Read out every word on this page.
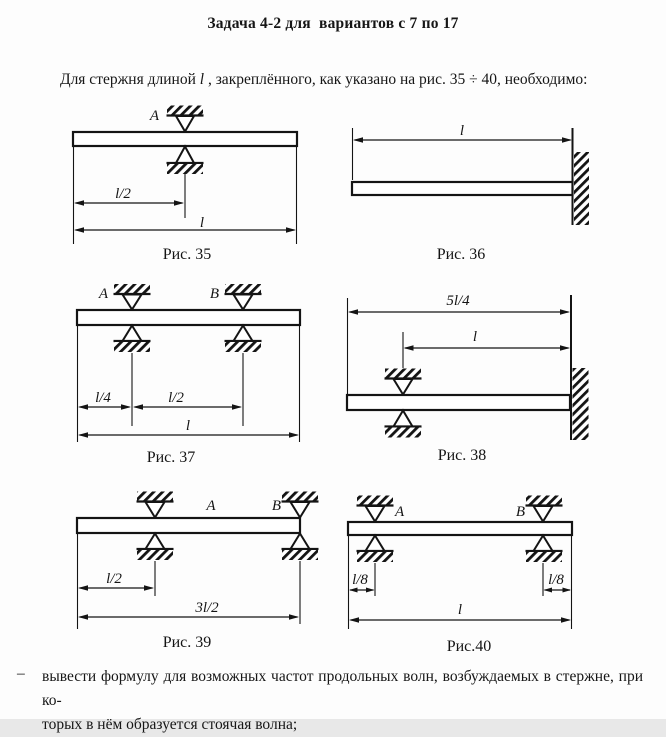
Задача 4-2 для  вариантов с 7 по 17
Для стержня длиной l , закреплённого, как указано на рис. 35 ÷ 40, необходимо:
A
l/2
l
Рис. 35
l
Рис. 36
A	B
l/4	l/2
l
Рис. 37
5l/4
l
Рис. 38
A	B
l/2
3l/2
Рис. 39
A	B
l/8	l/8
l
Рис.40
–	вывести формулу для возможных частот продольных волн, возбуждаемых в стержне, при ко-
торых в нём образуется стоячая волна;
